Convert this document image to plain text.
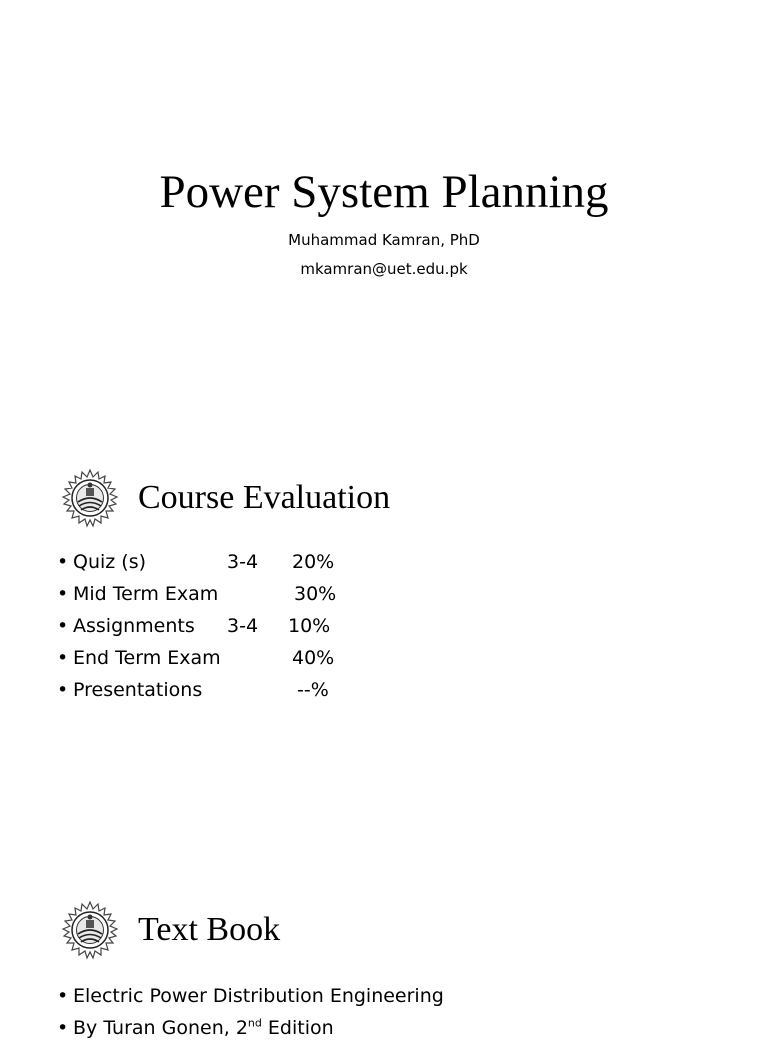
Power System Planning
Muhammad Kamran, PhD
mkamran@uet.edu.pk
Course Evaluation
• Quiz (s)	3-4 20%
• Mid Term Exam	30%
• Assignments 3-4 10%
• End Term Exam	40%
• Presentations	--%
Text Book
• Electric Power Distribution Engineering
• By Turan Gonen, 2nd Edition
